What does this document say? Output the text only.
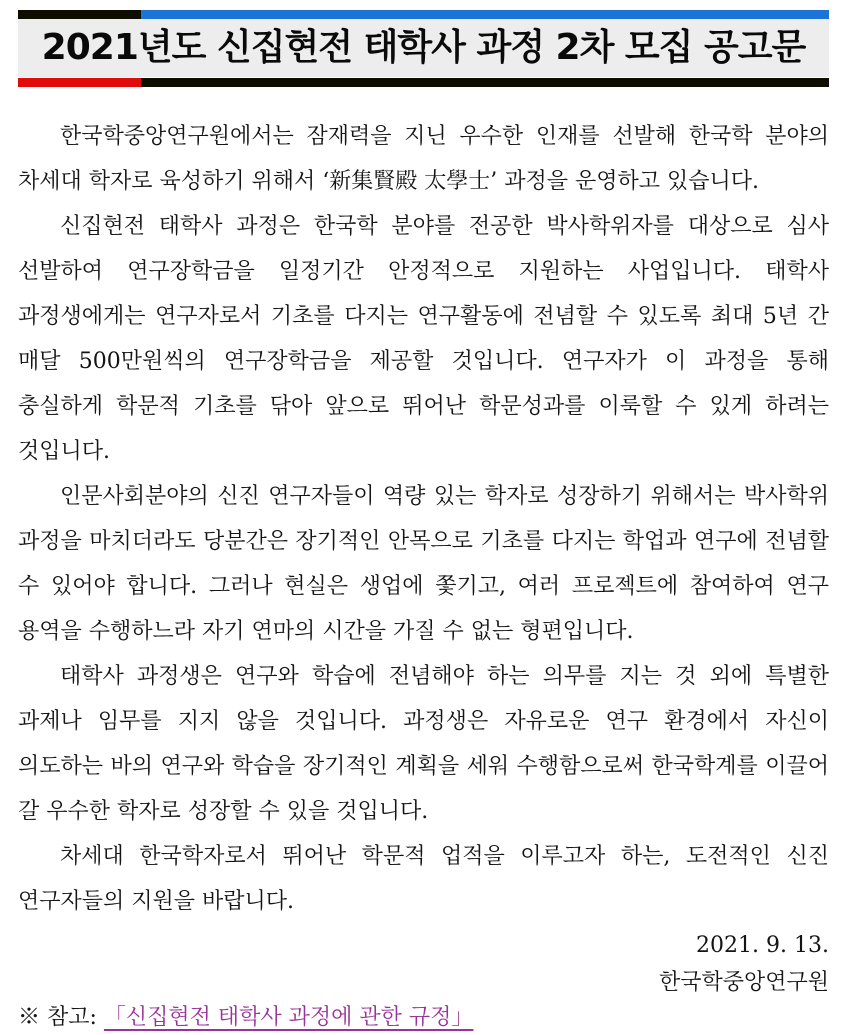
2021년도 신집현전 태학사 과정 2차 모집 공고문

한국학중앙연구원에서는 잠재력을 지닌 우수한 인재를 선발해 한국학 분야의 차세대 학자로 육성하기 위해서 ‘新集賢殿 太學士’ 과정을 운영하고 있습니다.

신집현전 태학사 과정은 한국학 분야를 전공한 박사학위자를 대상으로 심사 선발하여 연구장학금을 일정기간 안정적으로 지원하는 사업입니다. 태학사 과정생에게는 연구자로서 기초를 다지는 연구활동에 전념할 수 있도록 최대 5년 간 매달 500만원씩의 연구장학금을 제공할 것입니다. 연구자가 이 과정을 통해 충실하게 학문적 기초를 닦아 앞으로 뛰어난 학문성과를 이룩할 수 있게 하려는 것입니다.

인문사회분야의 신진 연구자들이 역량 있는 학자로 성장하기 위해서는 박사학위 과정을 마치더라도 당분간은 장기적인 안목으로 기초를 다지는 학업과 연구에 전념할 수 있어야 합니다. 그러나 현실은 생업에 쫓기고, 여러 프로젝트에 참여하여 연구 용역을 수행하느라 자기 연마의 시간을 가질 수 없는 형편입니다.

태학사 과정생은 연구와 학습에 전념해야 하는 의무를 지는 것 외에 특별한 과제나 임무를 지지 않을 것입니다. 과정생은 자유로운 연구 환경에서 자신이 의도하는 바의 연구와 학습을 장기적인 계획을 세워 수행함으로써 한국학계를 이끌어 갈 우수한 학자로 성장할 수 있을 것입니다.

차세대 한국학자로서 뛰어난 학문적 업적을 이루고자 하는, 도전적인 신진 연구자들의 지원을 바랍니다.

2021. 9. 13.
한국학중앙연구원

※ 참고: 「신집현전 태학사 과정에 관한 규정」
